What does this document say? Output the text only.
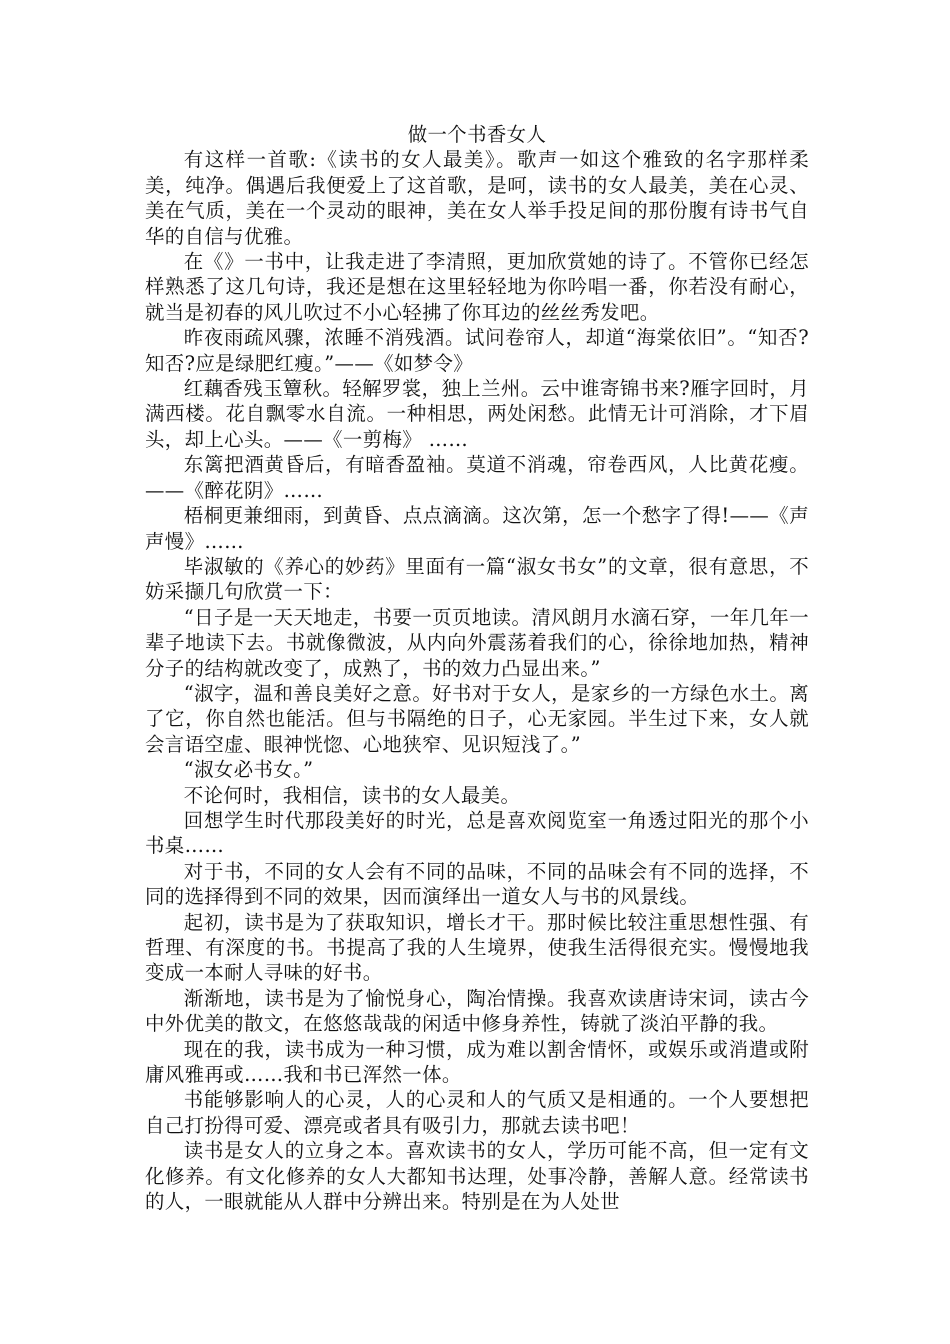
做一个书香女人

有这样一首歌:《读书的女人最美》。歌声一如这个雅致的名字那样柔美，纯净。偶遇后我便爱上了这首歌，是呵，读书的女人最美，美在心灵、美在气质，美在一个灵动的眼神，美在女人举手投足间的那份腹有诗书气自华的自信与优雅。

在《》一书中，让我走进了李清照，更加欣赏她的诗了。不管你已经怎样熟悉了这几句诗，我还是想在这里轻轻地为你吟唱一番，你若没有耐心，就当是初春的风儿吹过不小心轻拂了你耳边的丝丝秀发吧。

昨夜雨疏风骤，浓睡不消残酒。试问卷帘人，却道“海棠依旧”。“知否?知否?应是绿肥红瘦。”——《如梦令》

红藕香残玉簟秋。轻解罗裳，独上兰州。云中谁寄锦书来?雁字回时，月满西楼。花自飘零水自流。一种相思，两处闲愁。此情无计可消除，才下眉头，却上心头。——《一剪梅》 ……

东篱把酒黄昏后，有暗香盈袖。莫道不消魂，帘卷西风，人比黄花瘦。——《醉花阴》……

梧桐更兼细雨，到黄昏、点点滴滴。这次第，怎一个愁字了得!——《声声慢》……

毕淑敏的《养心的妙药》里面有一篇“淑女书女”的文章，很有意思，不妨采撷几句欣赏一下：

“日子是一天天地走，书要一页页地读。清风朗月水滴石穿，一年几年一辈子地读下去。书就像微波，从内向外震荡着我们的心，徐徐地加热，精神分子的结构就改变了，成熟了，书的效力凸显出来。”

“淑字，温和善良美好之意。好书对于女人，是家乡的一方绿色水土。离了它，你自然也能活。但与书隔绝的日子，心无家园。半生过下来，女人就会言语空虚、眼神恍惚、心地狭窄、见识短浅了。”

“淑女必书女。”

不论何时，我相信，读书的女人最美。

回想学生时代那段美好的时光，总是喜欢阅览室一角透过阳光的那个小书桌……

对于书，不同的女人会有不同的品味，不同的品味会有不同的选择，不同的选择得到不同的效果，因而演绎出一道女人与书的风景线。

起初，读书是为了获取知识，增长才干。那时候比较注重思想性强、有哲理、有深度的书。书提高了我的人生境界，使我生活得很充实。慢慢地我变成一本耐人寻味的好书。

渐渐地，读书是为了愉悦身心，陶冶情操。我喜欢读唐诗宋词，读古今中外优美的散文，在悠悠哉哉的闲适中修身养性，铸就了淡泊平静的我。

现在的我，读书成为一种习惯，成为难以割舍情怀，或娱乐或消遣或附庸风雅再或……我和书已浑然一体。

书能够影响人的心灵，人的心灵和人的气质又是相通的。一个人要想把自己打扮得可爱、漂亮或者具有吸引力，那就去读书吧！

读书是女人的立身之本。喜欢读书的女人，学历可能不高，但一定有文化修养。有文化修养的女人大都知书达理，处事冷静，善解人意。经常读书的人，一眼就能从人群中分辨出来。特别是在为人处世
